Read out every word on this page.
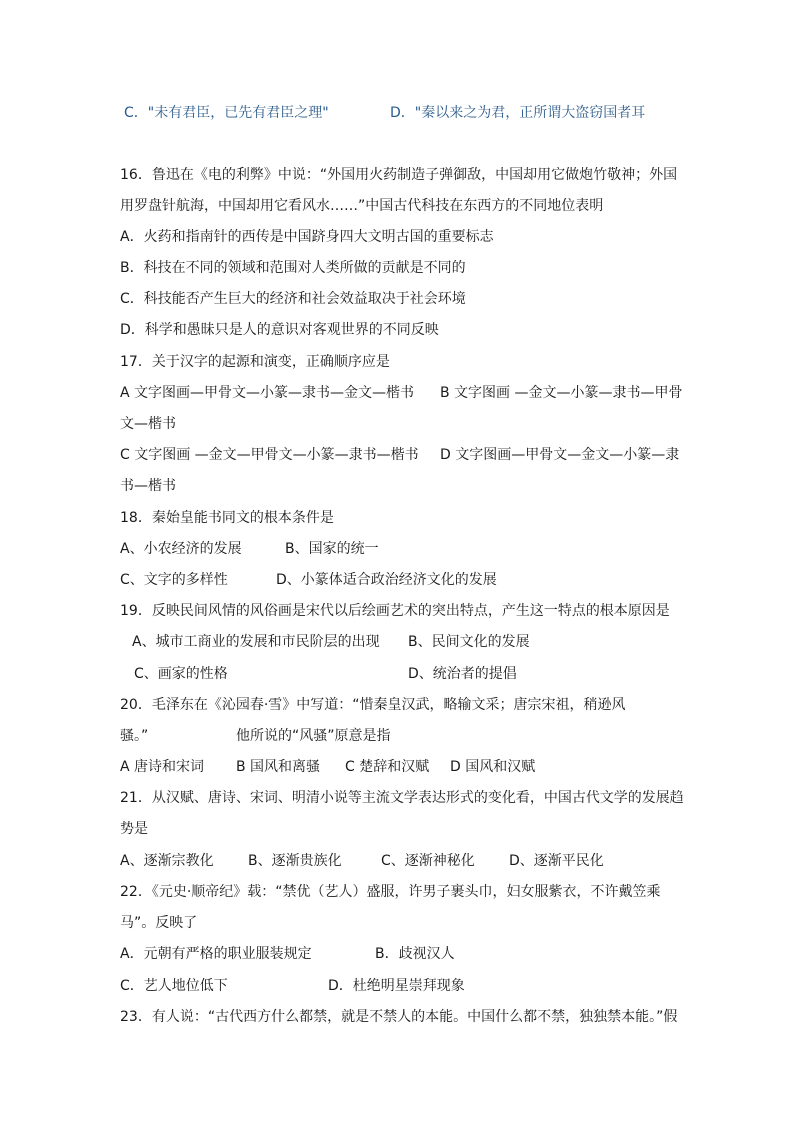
C．"未有君臣，已先有君臣之理"	D．"秦以来之为君，正所谓大盗窃国者耳
16．鲁迅在《电的利弊》中说：“外国用火药制造子弹御敌，中国却用它做炮竹敬神；外国
用罗盘针航海，中国却用它看风水……”中国古代科技在东西方的不同地位表明
A．火药和指南针的西传是中国跻身四大文明古国的重要标志
B．科技在不同的领域和范围对人类所做的贡献是不同的
C．科技能否产生巨大的经济和社会效益取决于社会环境
D．科学和愚昧只是人的意识对客观世界的不同反映
17．关于汉字的起源和演变，正确顺序应是
A 文字图画—甲骨文—小篆—隶书—金文—楷书 B 文字图画 —金文—小篆—隶书—甲骨
文—楷书
C 文字图画 —金文—甲骨文—小篆—隶书—楷书 D 文字图画—甲骨文—金文—小篆—隶
书—楷书
18．秦始皇能书同文的根本条件是
A、小农经济的发展	B、国家的统一
C、文字的多样性	D、小篆体适合政治经济文化的发展
19．反映民间风情的风俗画是宋代以后绘画艺术的突出特点，产生这一特点的根本原因是
A、城市工商业的发展和市民阶层的出现 B、民间文化的发展
C、画家的性格	D、统治者的提倡
20．毛泽东在《沁园春·雪》中写道：“惜秦皇汉武，略输文采；唐宗宋祖，稍逊风
骚。”	他所说的“风骚”原意是指
A 唐诗和宋词 B 国风和离骚 C 楚辞和汉赋 D 国风和汉赋
21．从汉赋、唐诗、宋词、明清小说等主流文学表达形式的变化看，中国古代文学的发展趋
势是
A、逐渐宗教化 B、逐渐贵族化	C、逐渐神秘化 D、逐渐平民化
22．《元史·顺帝纪》载：“禁优（艺人）盛服，许男子裹头巾，妇女服紫衣，不许戴笠乘
马”。反映了
A．元朝有严格的职业服装规定	B．歧视汉人
C．艺人地位低下	D．杜绝明星崇拜现象
23．有人说：“古代西方什么都禁，就是不禁人的本能。中国什么都不禁，独独禁本能。”假
